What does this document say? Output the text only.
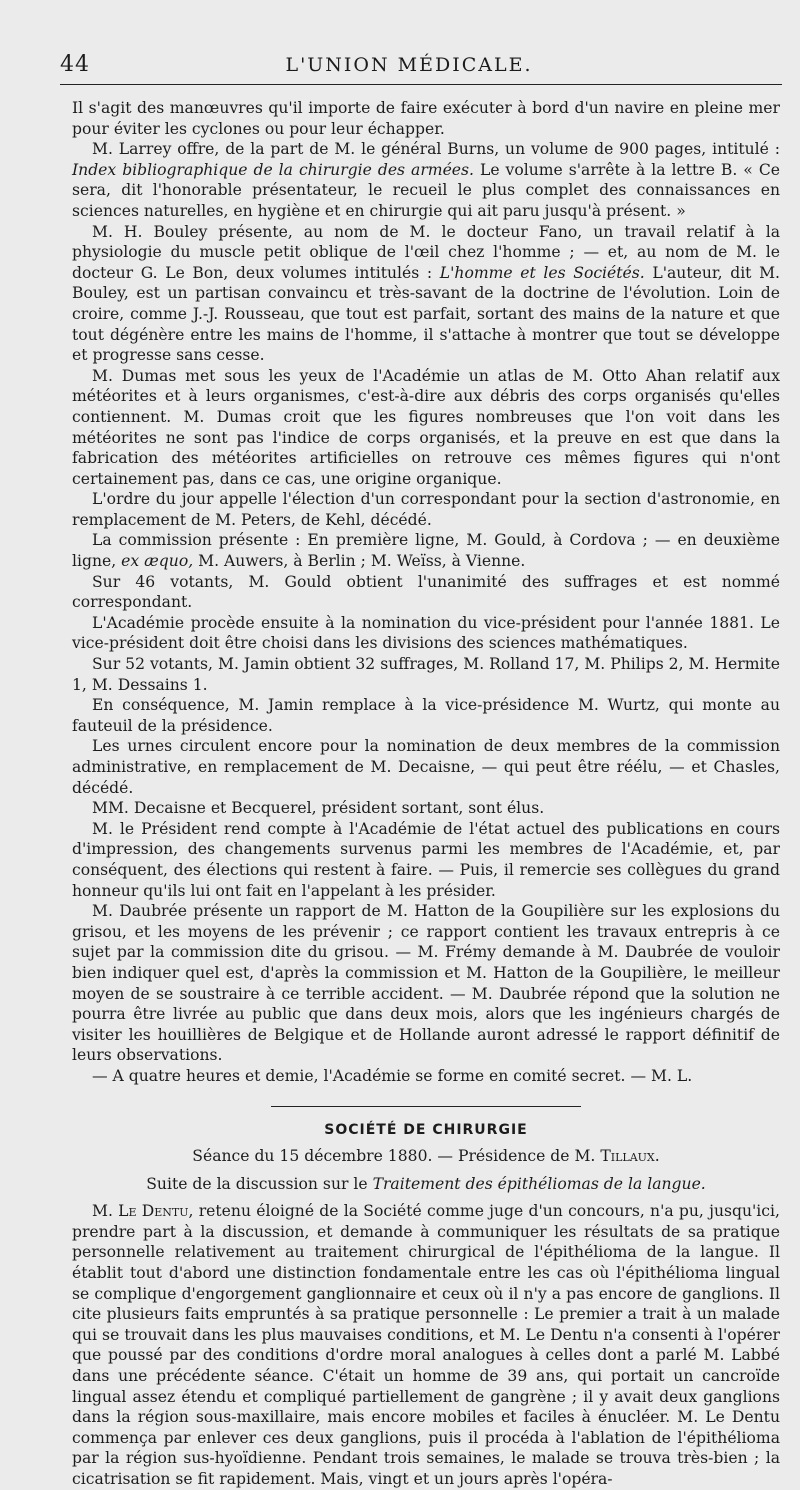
44	L'UNION MÉDICALE.

Il s'agit des manœuvres qu'il importe de faire exécuter à bord d'un navire en pleine mer pour éviter les cyclones ou pour leur échapper.

M. Larrey offre, de la part de M. le général Burns, un volume de 900 pages, intitulé : Index bibliographique de la chirurgie des armées. Le volume s'arrête à la lettre B. « Ce sera, dit l'honorable présentateur, le recueil le plus complet des connaissances en sciences naturelles, en hygiène et en chirurgie qui ait paru jusqu'à présent. »

M. H. Bouley présente, au nom de M. le docteur Fano, un travail relatif à la physiologie du muscle petit oblique de l'œil chez l'homme ; — et, au nom de M. le docteur G. Le Bon, deux volumes intitulés : L'homme et les Sociétés. L'auteur, dit M. Bouley, est un partisan convaincu et très-savant de la doctrine de l'évolution. Loin de croire, comme J.-J. Rousseau, que tout est parfait, sortant des mains de la nature et que tout dégénère entre les mains de l'homme, il s'attache à montrer que tout se développe et progresse sans cesse.

M. Dumas met sous les yeux de l'Académie un atlas de M. Otto Ahan relatif aux météorites et à leurs organismes, c'est-à-dire aux débris des corps organisés qu'elles contiennent. M. Dumas croit que les figures nombreuses que l'on voit dans les météorites ne sont pas l'indice de corps organisés, et la preuve en est que dans la fabrication des météorites artificielles on retrouve ces mêmes figures qui n'ont certainement pas, dans ce cas, une origine organique.

L'ordre du jour appelle l'élection d'un correspondant pour la section d'astronomie, en remplacement de M. Peters, de Kehl, décédé.

La commission présente : En première ligne, M. Gould, à Cordova ; — en deuxième ligne, ex æquo, M. Auwers, à Berlin ; M. Weïss, à Vienne.

Sur 46 votants, M. Gould obtient l'unanimité des suffrages et est nommé correspondant.

L'Académie procède ensuite à la nomination du vice-président pour l'année 1881. Le vice-président doit être choisi dans les divisions des sciences mathématiques.

Sur 52 votants, M. Jamin obtient 32 suffrages, M. Rolland 17, M. Philips 2, M. Hermite 1, M. Dessains 1.

En conséquence, M. Jamin remplace à la vice-présidence M. Wurtz, qui monte au fauteuil de la présidence.

Les urnes circulent encore pour la nomination de deux membres de la commission administrative, en remplacement de M. Decaisne, — qui peut être réélu, — et Chasles, décédé.

MM. Decaisne et Becquerel, président sortant, sont élus.

M. le Président rend compte à l'Académie de l'état actuel des publications en cours d'impression, des changements survenus parmi les membres de l'Académie, et, par conséquent, des élections qui restent à faire. — Puis, il remercie ses collègues du grand honneur qu'ils lui ont fait en l'appelant à les présider.

M. Daubrée présente un rapport de M. Hatton de la Goupilière sur les explosions du grisou, et les moyens de les prévenir ; ce rapport contient les travaux entrepris à ce sujet par la commission dite du grisou. — M. Frémy demande à M. Daubrée de vouloir bien indiquer quel est, d'après la commission et M. Hatton de la Goupilière, le meilleur moyen de se soustraire à ce terrible accident. — M. Daubrée répond que la solution ne pourra être livrée au public que dans deux mois, alors que les ingénieurs chargés de visiter les houillières de Belgique et de Hollande auront adressé le rapport définitif de leurs observations.

— A quatre heures et demie, l'Académie se forme en comité secret. — M. L.

SOCIÉTÉ DE CHIRURGIE

Séance du 15 décembre 1880. — Présidence de M. Tillaux.

Suite de la discussion sur le Traitement des épithéliomas de la langue.

M. Le Dentu, retenu éloigné de la Société comme juge d'un concours, n'a pu, jusqu'ici, prendre part à la discussion, et demande à communiquer les résultats de sa pratique personnelle relativement au traitement chirurgical de l'épithélioma de la langue. Il établit tout d'abord une distinction fondamentale entre les cas où l'épithélioma lingual se complique d'engorgement ganglionnaire et ceux où il n'y a pas encore de ganglions. Il cite plusieurs faits empruntés à sa pratique personnelle : Le premier a trait à un malade qui se trouvait dans les plus mauvaises conditions, et M. Le Dentu n'a consenti à l'opérer que poussé par des conditions d'ordre moral analogues à celles dont a parlé M. Labbé dans une précédente séance. C'était un homme de 39 ans, qui portait un cancroïde lingual assez étendu et compliqué partiellement de gangrène ; il y avait deux ganglions dans la région sous-maxillaire, mais encore mobiles et faciles à énucléer. M. Le Dentu commença par enlever ces deux ganglions, puis il procéda à l'ablation de l'épithélioma par la région sus-hyoïdienne. Pendant trois semaines, le malade se trouva très-bien ; la cicatrisation se fit rapidement. Mais, vingt et un jours après l'opéra-
